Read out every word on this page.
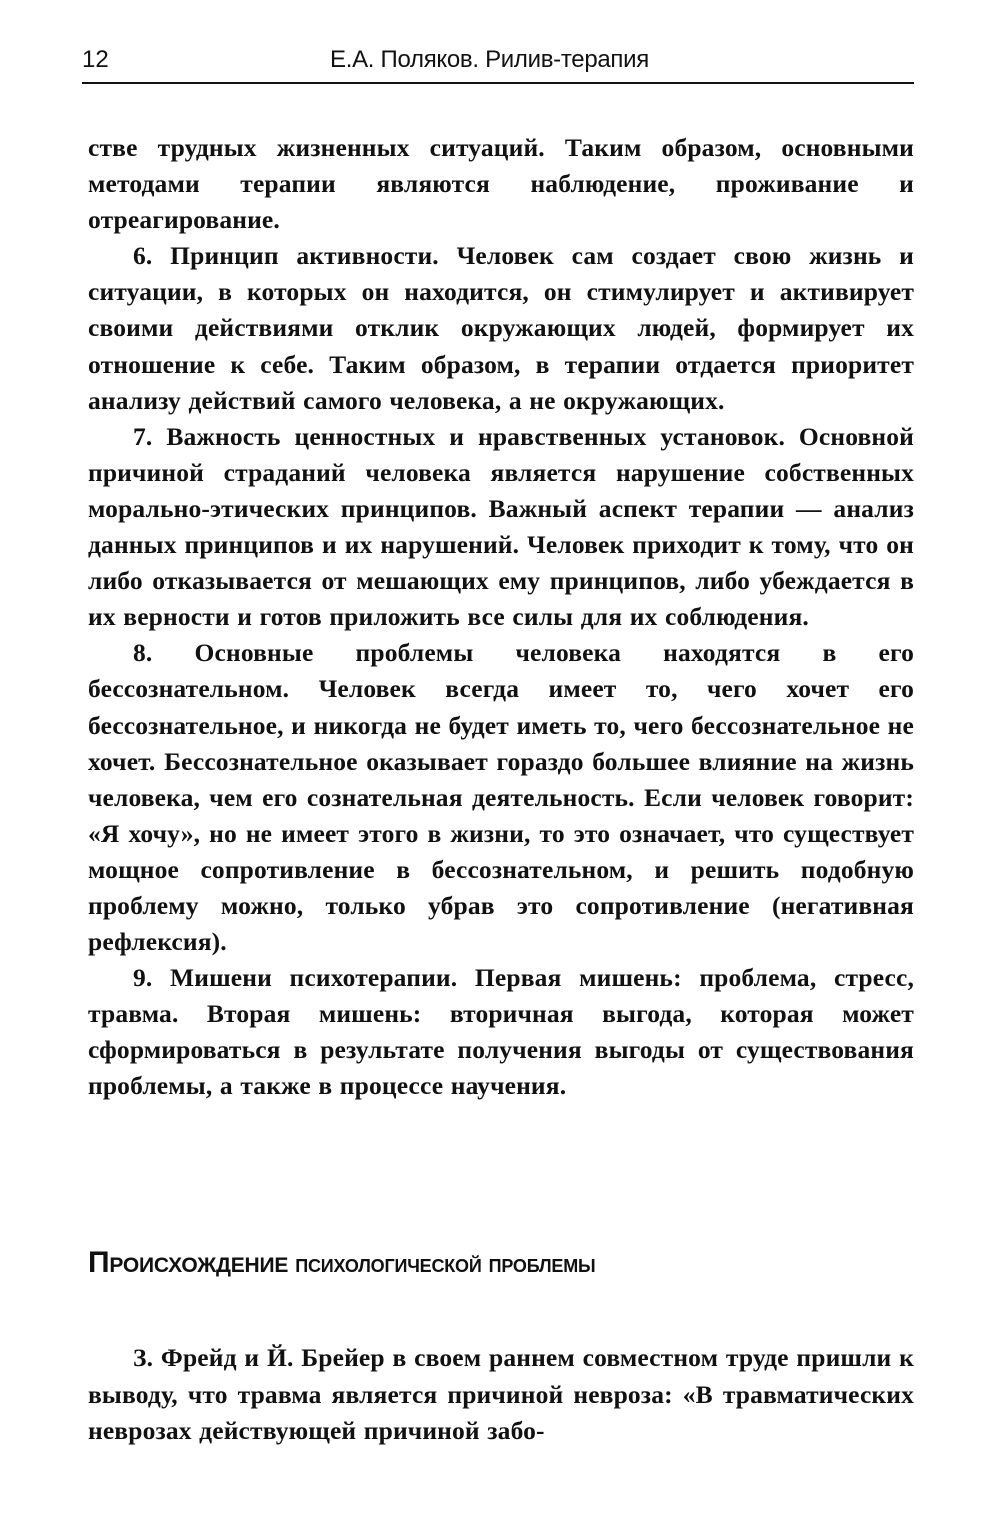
12	Е.А. Поляков. Рилив-терапия

стве трудных жизненных ситуаций. Таким образом, основными методами терапии являются наблюдение, проживание и отреагирование.

6. Принцип активности. Человек сам создает свою жизнь и ситуации, в которых он находится, он стимулирует и активирует своими действиями отклик окружающих людей, формирует их отношение к себе. Таким образом, в терапии отдается приоритет анализу действий самого человека, а не окружающих.

7. Важность ценностных и нравственных установок. Основной причиной страданий человека является нарушение собственных морально-этических принципов. Важный аспект терапии — анализ данных принципов и их нарушений. Человек приходит к тому, что он либо отказывается от мешающих ему принципов, либо убеждается в их верности и готов приложить все силы для их соблюдения.

8. Основные проблемы человека находятся в его бессознательном. Человек всегда имеет то, чего хочет его бессознательное, и никогда не будет иметь то, чего бессознательное не хочет. Бессознательное оказывает гораздо большее влияние на жизнь человека, чем его сознательная деятельность. Если человек говорит: «Я хочу», но не имеет этого в жизни, то это означает, что существует мощное сопротивление в бессознательном, и решить подобную проблему можно, только убрав это сопротивление (негативная рефлексия).

9. Мишени психотерапии. Первая мишень: проблема, стресс, травма. Вторая мишень: вторичная выгода, которая может сформироваться в результате получения выгоды от существования проблемы, а также в процессе научения.

Происхождение психологической проблемы

З. Фрейд и Й. Брейер в своем раннем совместном труде пришли к выводу, что травма является причиной невроза: «В травматических неврозах действующей причиной забо-
